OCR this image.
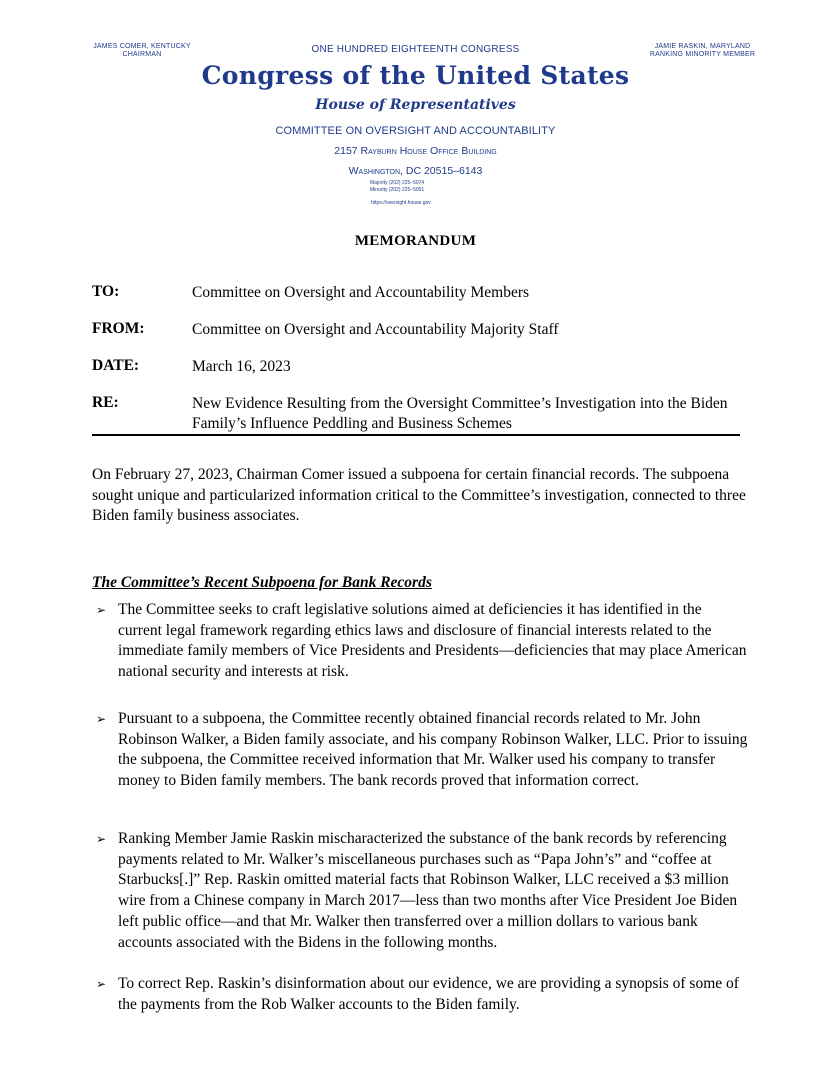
JAMES COMER, KENTUCKY
CHAIRMAN	ONE HUNDRED EIGHTEENTH CONGRESS	JAMIE RASKIN, MARYLAND
RANKING MINORITY MEMBER
Congress of the United States
House of Representatives
COMMITTEE ON OVERSIGHT AND ACCOUNTABILITY
2157 Rayburn House Office Building
Washington, DC 20515–6143
Majority (202) 225–5074
Minority (202) 225–5051
https://oversight.house.gov
MEMORANDUM
TO:	Committee on Oversight and Accountability Members
FROM:	Committee on Oversight and Accountability Majority Staff
DATE:	March 16, 2023
RE:	New Evidence Resulting from the Oversight Committee’s Investigation into the Biden Family’s Influence Peddling and Business Schemes
On February 27, 2023, Chairman Comer issued a subpoena for certain financial records. The subpoena sought unique and particularized information critical to the Committee’s investigation, connected to three Biden family business associates.
The Committee’s Recent Subpoena for Bank Records
➢ The Committee seeks to craft legislative solutions aimed at deficiencies it has identified in the current legal framework regarding ethics laws and disclosure of financial interests related to the immediate family members of Vice Presidents and Presidents—deficiencies that may place American national security and interests at risk.
➢ Pursuant to a subpoena, the Committee recently obtained financial records related to Mr. John Robinson Walker, a Biden family associate, and his company Robinson Walker, LLC. Prior to issuing the subpoena, the Committee received information that Mr. Walker used his company to transfer money to Biden family members. The bank records proved that information correct.
➢ Ranking Member Jamie Raskin mischaracterized the substance of the bank records by referencing payments related to Mr. Walker’s miscellaneous purchases such as “Papa John’s” and “coffee at Starbucks[.]” Rep. Raskin omitted material facts that Robinson Walker, LLC received a $3 million wire from a Chinese company in March 2017—less than two months after Vice President Joe Biden left public office—and that Mr. Walker then transferred over a million dollars to various bank accounts associated with the Bidens in the following months.
➢ To correct Rep. Raskin’s disinformation about our evidence, we are providing a synopsis of some of the payments from the Rob Walker accounts to the Biden family.
